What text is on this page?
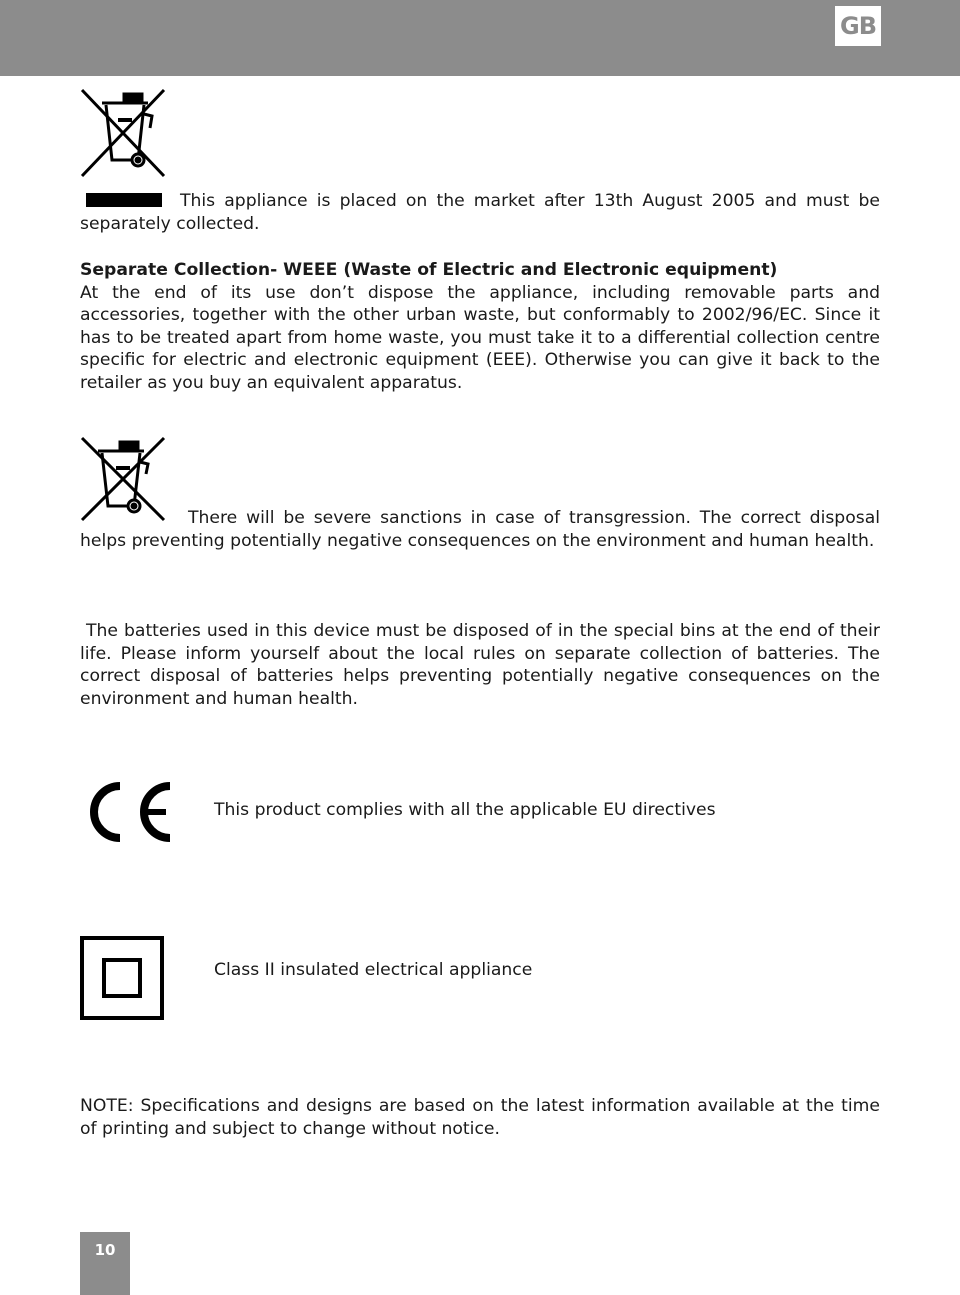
GB

This appliance is placed on the market after 13th August 2005 and must be separately collected.

Separate Collection- WEEE (Waste of Electric and Electronic equipment)
At the end of its use don’t dispose the appliance, including removable parts and accessories, together with the other urban waste, but conformably to 2002/96/EC. Since it has to be treated apart from home waste, you must take it to a differential collection centre specific for electric and electronic equipment (EEE). Otherwise you can give it back to the retailer as you buy an equivalent apparatus.

There will be severe sanctions in case of transgression. The correct disposal helps preventing potentially negative consequences on the environment and human health.

The batteries used in this device must be disposed of in the special bins at the end of their life. Please inform yourself about the local rules on separate collection of batteries. The correct disposal of batteries helps preventing potentially negative consequences on the environment and human health.

This product complies with all the applicable EU directives

Class II insulated electrical appliance

NOTE: Specifications and designs are based on the latest information available at the time of printing and subject to change without notice.

10
